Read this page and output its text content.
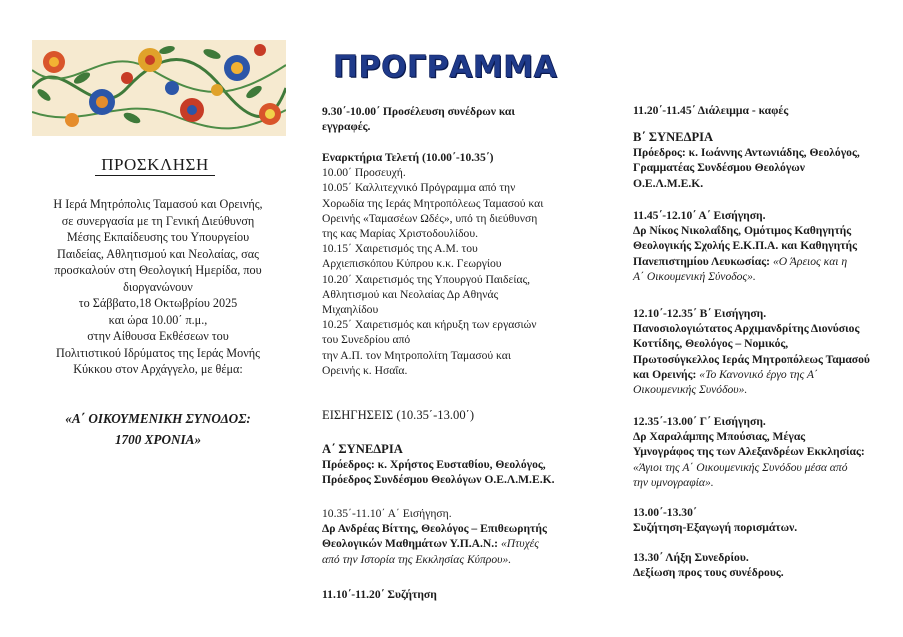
ΠΡΟΣΚΛΗΣΗ
Η Ιερά Μητρόπολις Ταμασού και Ορεινής,
σε συνεργασία με τη Γενική Διεύθυνση
Μέσης Εκπαίδευσης του Υπουργείου
Παιδείας, Αθλητισμού και Νεολαίας, σας
προσκαλούν στη Θεολογική Ημερίδα, που
διοργανώνουν
το Σάββατο,18 Οκτωβρίου 2025
και ώρα 10.00΄ π.μ.,
στην Αίθουσα Εκθέσεων του
Πολιτιστικού Ιδρύματος της Ιεράς Μονής
Κύκκου στον Αρχάγγελο, με θέμα:
«Α΄ ΟΙΚΟΥΜΕΝΙΚΗ ΣΥΝΟΔΟΣ:
1700 ΧΡΟΝΙΑ»
ΠΡΟΓΡΑΜΜΑ
9.30΄-10.00΄ Προσέλευση συνέδρων και
εγγραφές.
Εναρκτήρια Τελετή (10.00΄-10.35΄)
10.00΄ Προσευχή.
10.05΄ Καλλιτεχνικό Πρόγραμμα από την
Χορωδία της Ιεράς Μητροπόλεως Ταμασού και
Ορεινής «Ταμασέων Ωδές», υπό τη διεύθυνση
της κας Μαρίας Χριστοδουλίδου.
10.15΄ Χαιρετισμός της Α.Μ. του
Αρχιεπισκόπου Κύπρου κ.κ. Γεωργίου
10.20΄ Χαιρετισμός της Υπουργού Παιδείας,
Αθλητισμού και Νεολαίας Δρ Αθηνάς
Μιχαηλίδου
10.25΄ Χαιρετισμός και κήρυξη των εργασιών
του Συνεδρίου από
την Α.Π. τον Μητροπολίτη Ταμασού και
Ορεινής κ. Ησαΐα.
ΕΙΣΗΓΗΣΕΙΣ (10.35΄-13.00΄)
Α΄ ΣΥΝΕΔΡΙΑ
Πρόεδρος: κ. Χρήστος Ευσταθίου, Θεολόγος,
Πρόεδρος Συνδέσμου Θεολόγων Ο.Ε.Λ.Μ.Ε.Κ.
10.35΄-11.10΄ Α΄ Εισήγηση.
Δρ Ανδρέας Βίττης, Θεολόγος – Επιθεωρητής
Θεολογικών Μαθημάτων Υ.Π.Α.Ν.: «Πτυχές
από την Ιστορία της Εκκλησίας Κύπρου».
11.10΄-11.20΄ Συζήτηση
11.20΄-11.45΄ Διάλειμμα - καφές
Β΄ ΣΥΝΕΔΡΙΑ
Πρόεδρος: κ. Ιωάννης Αντωνιάδης, Θεολόγος,
Γραμματέας Συνδέσμου Θεολόγων
Ο.Ε.Λ.Μ.Ε.Κ.
11.45΄-12.10΄ Α΄ Εισήγηση.
Δρ Νίκος Νικολαΐδης, Ομότιμος Καθηγητής
Θεολογικής Σχολής Ε.Κ.Π.Α. και Καθηγητής
Πανεπιστημίου Λευκωσίας: «Ο Άρειος και η
Α΄ Οικουμενική Σύνοδος».
12.10΄-12.35΄ Β΄ Εισήγηση.
Πανοσιολογιώτατος Αρχιμανδρίτης Διονύσιος
Κοττίδης, Θεολόγος – Νομικός,
Πρωτοσύγκελλος Ιεράς Μητροπόλεως Ταμασού
και Ορεινής: «Το Κανονικό έργο της Α΄
Οικουμενικής Συνόδου».
12.35΄-13.00΄ Γ΄ Εισήγηση.
Δρ Χαραλάμπης Μπούσιας, Μέγας
Υμνογράφος της των Αλεξανδρέων Εκκλησίας:
«Άγιοι της Α΄ Οικουμενικής Συνόδου μέσα από
την υμνογραφία».
13.00΄-13.30΄
Συζήτηση-Εξαγωγή πορισμάτων.
13.30΄ Λήξη Συνεδρίου.
Δεξίωση προς τους συνέδρους.
